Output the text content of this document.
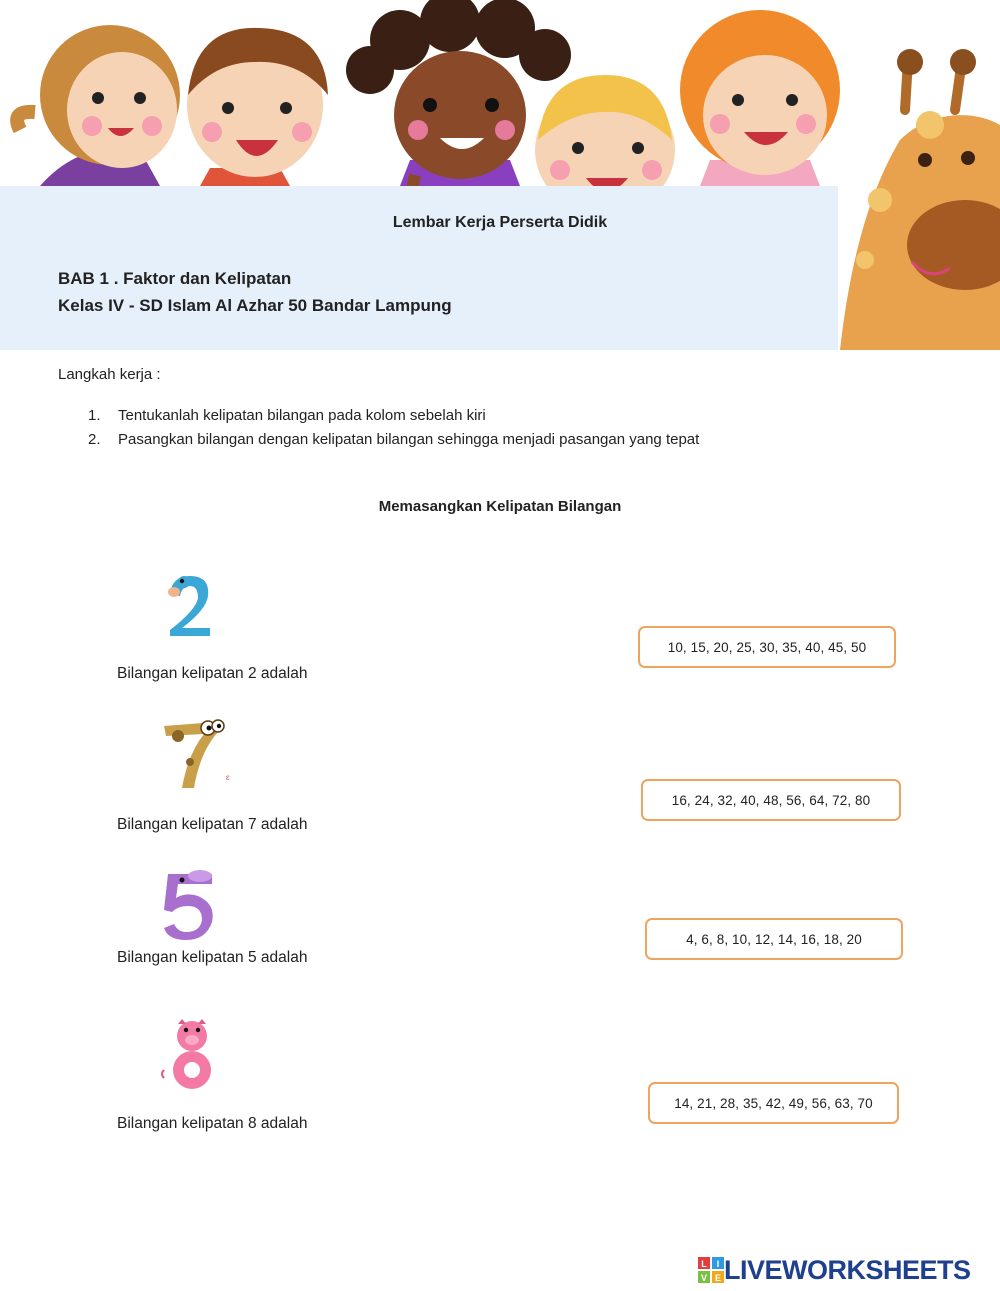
Lembar Kerja Perserta Didik
BAB 1 . Faktor dan Kelipatan
Kelas IV - SD Islam Al Azhar 50 Bandar Lampung
Langkah kerja :
1. Tentukanlah kelipatan bilangan pada kolom sebelah kiri
2. Pasangkan bilangan dengan kelipatan bilangan sehingga menjadi pasangan yang tepat
Memasangkan Kelipatan Bilangan
ɛ
Bilangan kelipatan 2 adalah
Bilangan kelipatan 7 adalah
Bilangan kelipatan 5 adalah
Bilangan kelipatan 8 adalah
10, 15, 20, 25, 30, 35, 40, 45, 50
16, 24, 32, 40, 48, 56, 64, 72, 80
4, 6, 8, 10, 12, 14, 16, 18, 20
14, 21, 28, 35, 42, 49, 56, 63, 70
L I
V E LIVEWORKSHEETS
